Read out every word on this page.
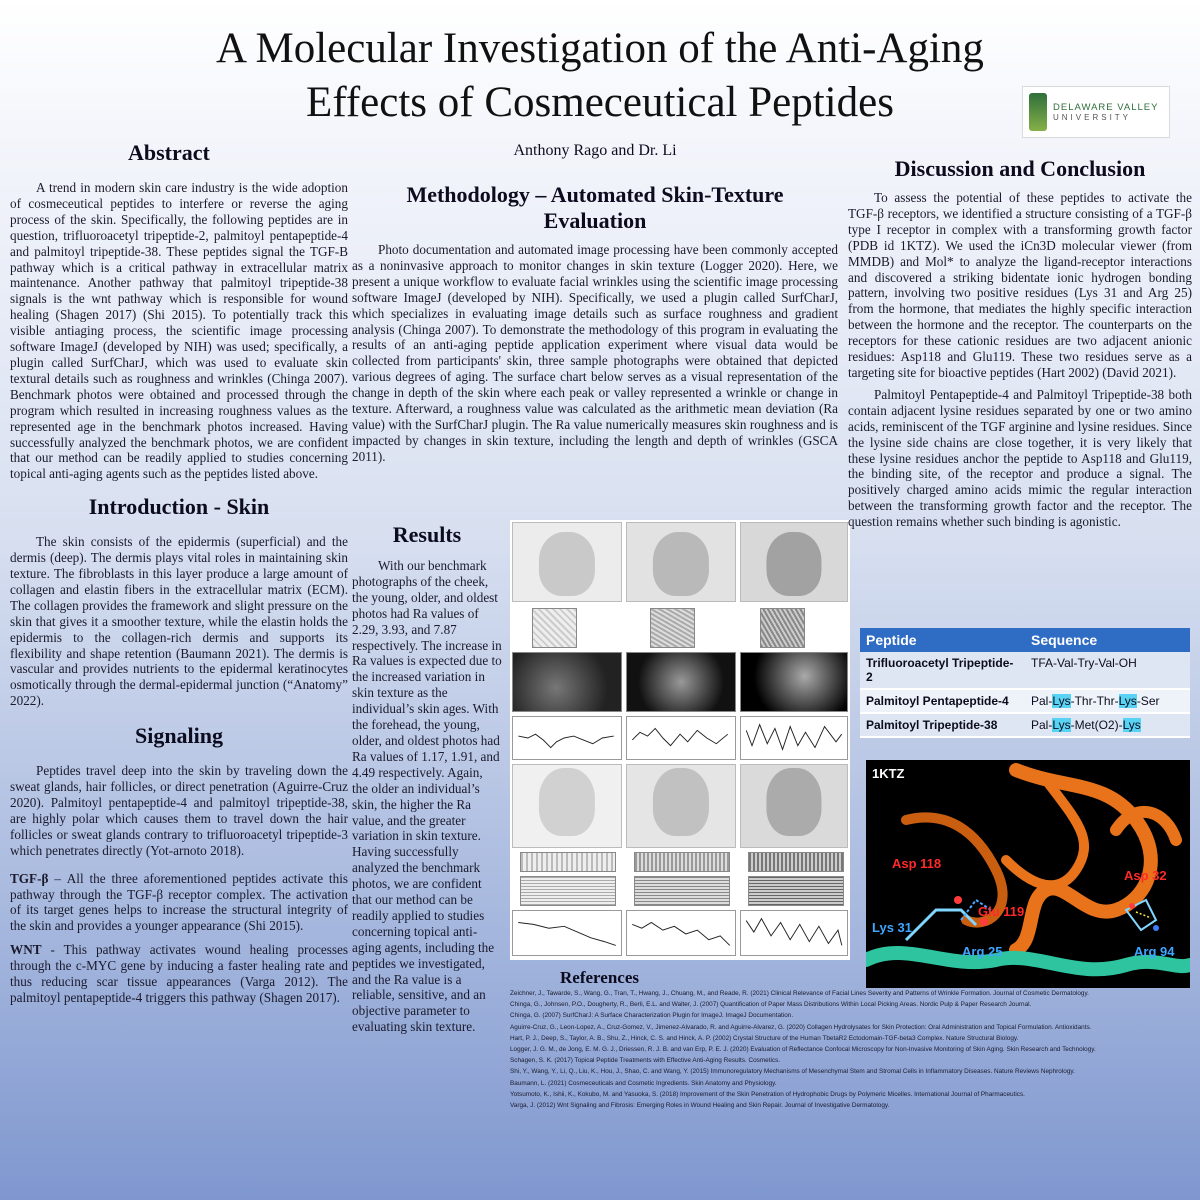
A Molecular Investigation of the Anti-Aging
Effects of Cosmeceutical Peptides
Anthony Rago and Dr. Li
DELAWARE VALLEY
UNIVERSITY
Abstract

A trend in modern skin care industry is the wide adoption of cosmeceutical peptides to interfere or reverse the aging process of the skin. Specifically, the following peptides are in question, trifluoroacetyl tripeptide-2, palmitoyl pentapeptide-4 and palmitoyl tripeptide-38. These peptides signal the TGF-B pathway which is a critical pathway in extracellular matrix maintenance. Another pathway that palmitoyl tripeptide-38 signals is the wnt pathway which is responsible for wound healing (Shagen 2017) (Shi 2015). To potentially track this visible antiaging process, the scientific image processing software ImageJ (developed by NIH) was used; specifically, a plugin called SurfCharJ, which was used to evaluate skin textural details such as roughness and wrinkles (Chinga 2007). Benchmark photos were obtained and processed through the program which resulted in increasing roughness values as the represented age in the benchmark photos increased. Having successfully analyzed the benchmark photos, we are confident that our method can be readily applied to studies concerning topical anti-aging agents such as the peptides listed above.

Introduction - Skin

The skin consists of the epidermis (superficial) and the dermis (deep). The dermis plays vital roles in maintaining skin texture. The fibroblasts in this layer produce a large amount of collagen and elastin fibers in the extracellular matrix (ECM). The collagen provides the framework and slight pressure on the skin that gives it a smoother texture, while the elastin holds the epidermis to the collagen-rich dermis and supports its flexibility and shape retention (Baumann 2021). The dermis is vascular and provides nutrients to the epidermal keratinocytes osmotically through the dermal-epidermal junction (“Anatomy” 2022).

Signaling

Peptides travel deep into the skin by traveling down the sweat glands, hair follicles, or direct penetration (Aguirre-Cruz 2020). Palmitoyl pentapeptide-4 and palmitoyl tripeptide-38, are highly polar which causes them to travel down the hair follicles or sweat glands contrary to trifluoroacetyl tripeptide-3 which penetrates directly (Yot-arnoto 2018).

TGF-β – All the three aforementioned peptides activate this pathway through the TGF-β receptor complex. The activation of its target genes helps to increase the structural integrity of the skin and provides a younger appearance (Shi 2015).

WNT - This pathway activates wound healing processes through the c-MYC gene by inducing a faster healing rate and thus reducing scar tissue appearances (Varga 2012). The palmitoyl pentapeptide-4 triggers this pathway (Shagen 2017).

Methodology – Automated Skin-Texture Evaluation

Photo documentation and automated image processing have been commonly accepted as a noninvasive approach to monitor changes in skin texture (Logger 2020). Here, we present a unique workflow to evaluate facial wrinkles using the scientific image processing software ImageJ (developed by NIH). Specifically, we used a plugin called SurfCharJ, which specializes in evaluating image details such as surface roughness and gradient analysis (Chinga 2007). To demonstrate the methodology of this program in evaluating the results of an anti-aging peptide application experiment where visual data would be collected from participants' skin, three sample photographs were obtained that depicted various degrees of aging. The surface chart below serves as a visual representation of the change in depth of the skin where each peak or valley represented a wrinkle or change in texture. Afterward, a roughness value was calculated as the arithmetic mean deviation (Ra value) with the SurfCharJ plugin. The Ra value numerically measures skin roughness and is impacted by changes in skin texture, including the length and depth of wrinkles (GSCA 2011).

Results

With our benchmark photographs of the cheek, the young, older, and oldest photos had Ra values of 2.29, 3.93, and 7.87 respectively. The increase in Ra values is expected due to the increased variation in skin texture as the individual’s skin ages. With the forehead, the young, older, and oldest photos had Ra values of 1.17, 1.91, and 4.49 respectively. Again, the older an individual’s skin, the higher the Ra value, and the greater variation in skin texture. Having successfully analyzed the benchmark photos, we are confident that our method can be readily applied to studies concerning topical anti-aging agents, including the peptides we investigated, and the Ra value is a reliable, sensitive, and an objective parameter to evaluating skin texture.

Discussion and Conclusion

To assess the potential of these peptides to activate the TGF-β receptors, we identified a structure consisting of a TGF-β type I receptor in complex with a transforming growth factor (PDB id 1KTZ). We used the iCn3D molecular viewer (from MMDB) and Mol* to analyze the ligand-receptor interactions and discovered a striking bidentate ionic hydrogen bonding pattern, involving two positive residues (Lys 31 and Arg 25) from the hormone, that mediates the highly specific interaction between the hormone and the receptor. The counterparts on the receptors for these cationic residues are two adjacent anionic residues: Asp118 and Glu119. These two residues serve as a targeting site for bioactive peptides (Hart 2002) (David 2021).

Palmitoyl Pentapeptide-4 and Palmitoyl Tripeptide-38 both contain adjacent lysine residues separated by one or two amino acids, reminiscent of the TGF arginine and lysine residues. Since the lysine side chains are close together, it is very likely that these lysine residues anchor the peptide to Asp118 and Glu119, the binding site, of the receptor and produce a signal. The positively charged amino acids mimic the regular interaction between the transforming growth factor and the receptor. The question remains whether such binding is agonistic.

Peptide	Sequence
Trifluoroacetyl Tripeptide-2	TFA-Val-Try-Val-OH
Palmitoyl Pentapeptide-4	Pal-Lys-Thr-Thr-Lys-Ser
Palmitoyl Tripeptide-38	Pal-Lys-Met(O2)-Lys
1KTZ
Asp 118
Asp 32
Glu 119
Lys 31
Arg 25	Arg 94
References
Zeichner, J., Tawarde, S., Wang, G., Tran, T., Hwang, J., Chuang, M., and Reade, R. (2021) Clinical Relevance of Facial Lines Severity and Patterns of Wrinkle Formation. Journal of Cosmetic Dermatology.
Chinga, G., Johnsen, P.O., Dougherty, R., Berli, E.L. and Walter, J. (2007) Quantification of Paper Mass Distributions Within Local Picking Areas. Nordic Pulp & Paper Research Journal.
Chinga, G. (2007) SurfCharJ: A Surface Characterization Plugin for ImageJ. ImageJ Documentation.
Aguirre-Cruz, G., Leon-Lopez, A., Cruz-Gomez, V., Jimenez-Alvarado, R. and Aguirre-Alvarez, G. (2020) Collagen Hydrolysates for Skin Protection: Oral Administration and Topical Formulation. Antioxidants.
Hart, P. J., Deep, S., Taylor, A. B., Shu, Z., Hinck, C. S. and Hinck, A. P. (2002) Crystal Structure of the Human TbetaR2 Ectodomain-TGF-beta3 Complex. Nature Structural Biology.
Logger, J. G. M., de Jong, E. M. G. J., Driessen, R. J. B. and van Erp, P. E. J. (2020) Evaluation of Reflectance Confocal Microscopy for Non-Invasive Monitoring of Skin Aging. Skin Research and Technology.
Schagen, S. K. (2017) Topical Peptide Treatments with Effective Anti-Aging Results. Cosmetics.
Shi, Y., Wang, Y., Li, Q., Liu, K., Hou, J., Shao, C. and Wang, Y. (2015) Immunoregulatory Mechanisms of Mesenchymal Stem and Stromal Cells in Inflammatory Diseases. Nature Reviews Nephrology.
Baumann, L. (2021) Cosmeceuticals and Cosmetic Ingredients. Skin Anatomy and Physiology.
Yotsumoto, K., Ishii, K., Kokubo, M. and Yasuoka, S. (2018) Improvement of the Skin Penetration of Hydrophobic Drugs by Polymeric Micelles. International Journal of Pharmaceutics.
Varga, J. (2012) Wnt Signaling and Fibrosis: Emerging Roles in Wound Healing and Skin Repair. Journal of Investigative Dermatology.
